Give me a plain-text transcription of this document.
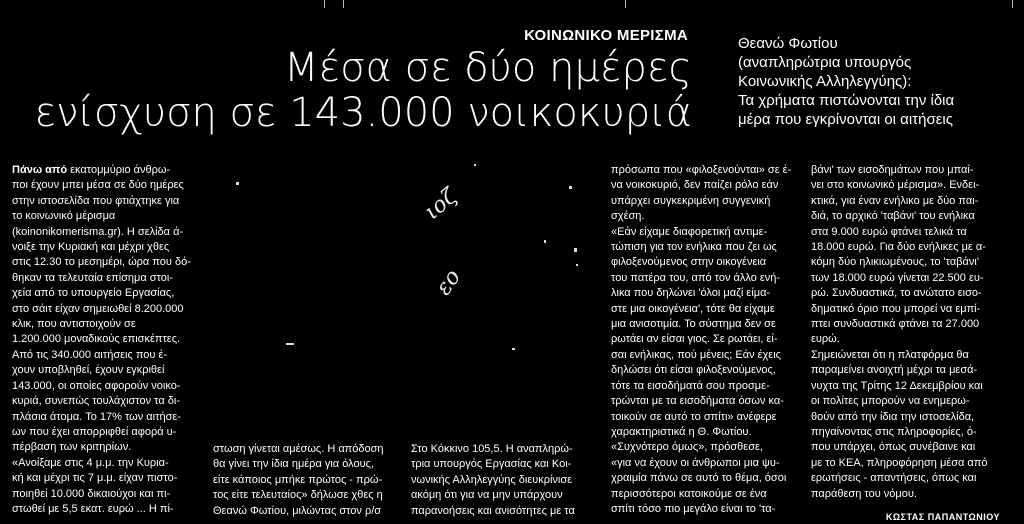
ΚΟΙΝΩΝΙΚΟ ΜΕΡΙΣΜΑ
Μέσα σε δύο ημέρες
ενίσχυση σε 143.000 νοικοκυριά
Θεανώ Φωτίου
(αναπληρώτρια υπουργός
Κοινωνικής Αλληλεγγύης):
Τα χρήματα πιστώνονται την ίδια
μέρα που εγκρίνονται οι αιτήσεις
ιοζ
εο
Πάνω από εκατομμύριο άνθρω-
ποι έχουν μπει μέσα σε δύο ημέρες
στην ιστοσελίδα που φτιάχτηκε για
το κοινωνικό μέρισμα
(koinonikomerisma.gr). Η σελίδα ά-
νοιξε την Κυριακή και μέχρι χθες
στις 12.30 το μεσημέρι, ώρα που δό-
θηκαν τα τελευταία επίσημα στοι-
χεία από το υπουργείο Εργασίας,
στο σάιτ είχαν σημειωθεί 8.200.000
κλικ, που αντιστοιχούν σε
1.200.000 μοναδικούς επισκέπτες.
Από τις 340.000 αιτήσεις που έ-
χουν υποβληθεί, έχουν εγκριθεί
143.000, οι οποίες αφορούν νοικο-
κυριά, συνεπώς τουλάχιστον τα δι-
πλάσια άτομα. Το 17% των αιτήσε-
ων που έχει απορριφθεί αφορά υ-
πέρβαση των κριτηρίων.
«Ανοίξαμε στις 4 μ.μ. την Κυρια-
κή και μέχρι τις 7 μ.μ. είχαν πιστο-
ποιηθεί 10.000 δικαιούχοι και πι-
στωθεί με 5,5 εκατ. ευρώ ... Η πί-
στωση γίνεται αμέσως. Η απόδοση
θα γίνει την ίδια ημέρα για όλους,
είτε κάποιος μπήκε πρώτος - πρώ-
τος είτε τελευταίος» δήλωσε χθες η
Θεανώ Φωτίου, μιλώντας στον ρ/σ
Στο Κόκκινο 105,5. Η αναπληρώ-
τρια υπουργός Εργασίας και Κοι-
νωνικής Αλληλεγγύης διευκρίνισε
ακόμη ότι για να μην υπάρχουν
παρανοήσεις και ανισότητες με τα
πρόσωπα που «φιλοξενούνται» σε έ-
να νοικοκυριό, δεν παίζει ρόλο εάν
υπάρχει συγκεκριμένη συγγενική
σχέση.
«Εάν είχαμε διαφορετική αντιμε-
τώπιση για τον ενήλικα που ζει ως
φιλοξενούμενος στην οικογένεια
του πατέρα του, από τον άλλο ενή-
λικα που δηλώνει 'όλοι μαζί είμα-
στε μια οικογένεια', τότε θα είχαμε
μια ανισοτιμία. Το σύστημα δεν σε
ρωτάει αν είσαι γιος. Σε ρωτάει, εί-
σαι ενήλικας, πού μένεις; Εάν έχεις
δηλώσει ότι είσαι φιλοξενούμενος,
τότε τα εισοδήματά σου προσμε-
τρώνται με τα εισοδήματα όσων κα-
τοικούν σε αυτό το σπίτι» ανέφερε
χαρακτηριστικά η Θ. Φωτίου.
«Συχνότερο όμως», πρόσθεσε,
«για να έχουν οι άνθρωποι μια ψυ-
χραιμία πάνω σε αυτό το θέμα, όσοι
περισσότεροι κατοικούμε σε ένα
σπίτι τόσο πιο μεγάλο είναι το 'τα-
βάνι' των εισοδημάτων που μπαί-
νει στο κοινωνικό μέρισμα». Ενδει-
κτικά, για έναν ενήλικο με δύο παι-
διά, το αρχικό 'ταβάνι' του ενήλικα
στα 9.000 ευρώ φτάνει τελικά τα
18.000 ευρώ. Για δύο ενήλικες με α-
κόμη δύο ηλικιωμένους, το 'ταβάνι'
των 18.000 ευρώ γίνεται 22.500 ευ-
ρώ. Συνδυαστικά, το ανώτατο εισο-
δηματικό όριο που μπορεί να εμπί-
πτει συνδυαστικά φτάνει τα 27.000
ευρώ.
Σημειώνεται ότι η πλατφόρμα θα
παραμείνει ανοιχτή μέχρι τα μεσά-
νυχτα της Τρίτης 12 Δεκεμβρίου και
οι πολίτες μπορούν να ενημερω-
θούν από την ίδια την ιστοσελίδα,
πηγαίνοντας στις πληροφορίες, ό-
που υπάρχει, όπως συνέβαινε και
με το ΚΕΑ, πληροφόρηση μέσα από
ερωτήσεις - απαντήσεις, όπως και
παράθεση του νόμου.
ΚΩΣΤΑΣ ΠΑΠΑΝΤΩΝΙΟΥ
